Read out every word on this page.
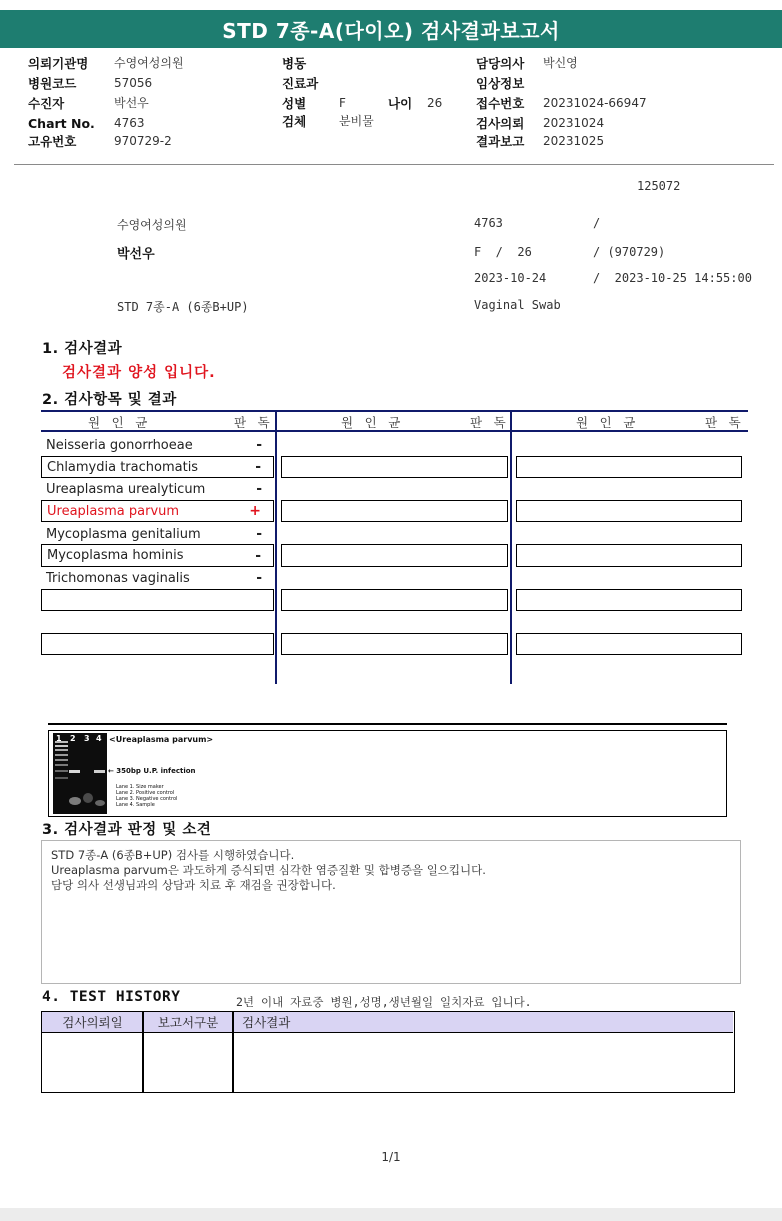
STD 7종-A(다이오) 검사결과보고서
의뢰기관명 수영여성의원
병원코드	57056
수진자	박선우
Chart No. 4763
고유번호	970729-2
병동
진료과
성별	F	나이 26
검체	분비물
담당의사 박신영
임상정보
접수번호 20231024-66947
검사의뢰 20231024
결과보고 20231025
125072
수영여성의원	4763	/
박선우	F  /  26	/ (970729)
2023-10-24	/  2023-10-25 14:55:00
STD 7종-A (6종B+UP)	Vaginal Swab
1. 검사결과
검사결과 양성 입니다.
2. 검사항목 및 결과
원 인 균	판 독	원 인 균	판 독	원 인 균	판 독
Neisseria gonorrhoeae	-
Chlamydia trachomatis	-
Ureaplasma urealyticum	-
Ureaplasma parvum	+
Mycoplasma genitalium	-
Mycoplasma hominis	-
Trichomonas vaginalis	-
1 2 3 4 <Ureaplasma parvum>
← 350bp U.P. infection
Lane 1. Size maker
Lane 2. Positive control
Lane 3. Negative control
Lane 4. Sample
3. 검사결과 판정 및 소견

STD 7종-A (6종B+UP) 검사를 시행하였습니다.

Ureaplasma parvum은 과도하게 증식되면 심각한 염증질환 및 합병증을 일으킵니다.

담당 의사 선생님과의 상담과 치료 후 재검을 권장합니다.

4. TEST HISTORY	2년 이내 자료중 병원,성명,생년월일 일치자료 입니다.
검사의뢰일	보고서구분	검사결과
1/1
